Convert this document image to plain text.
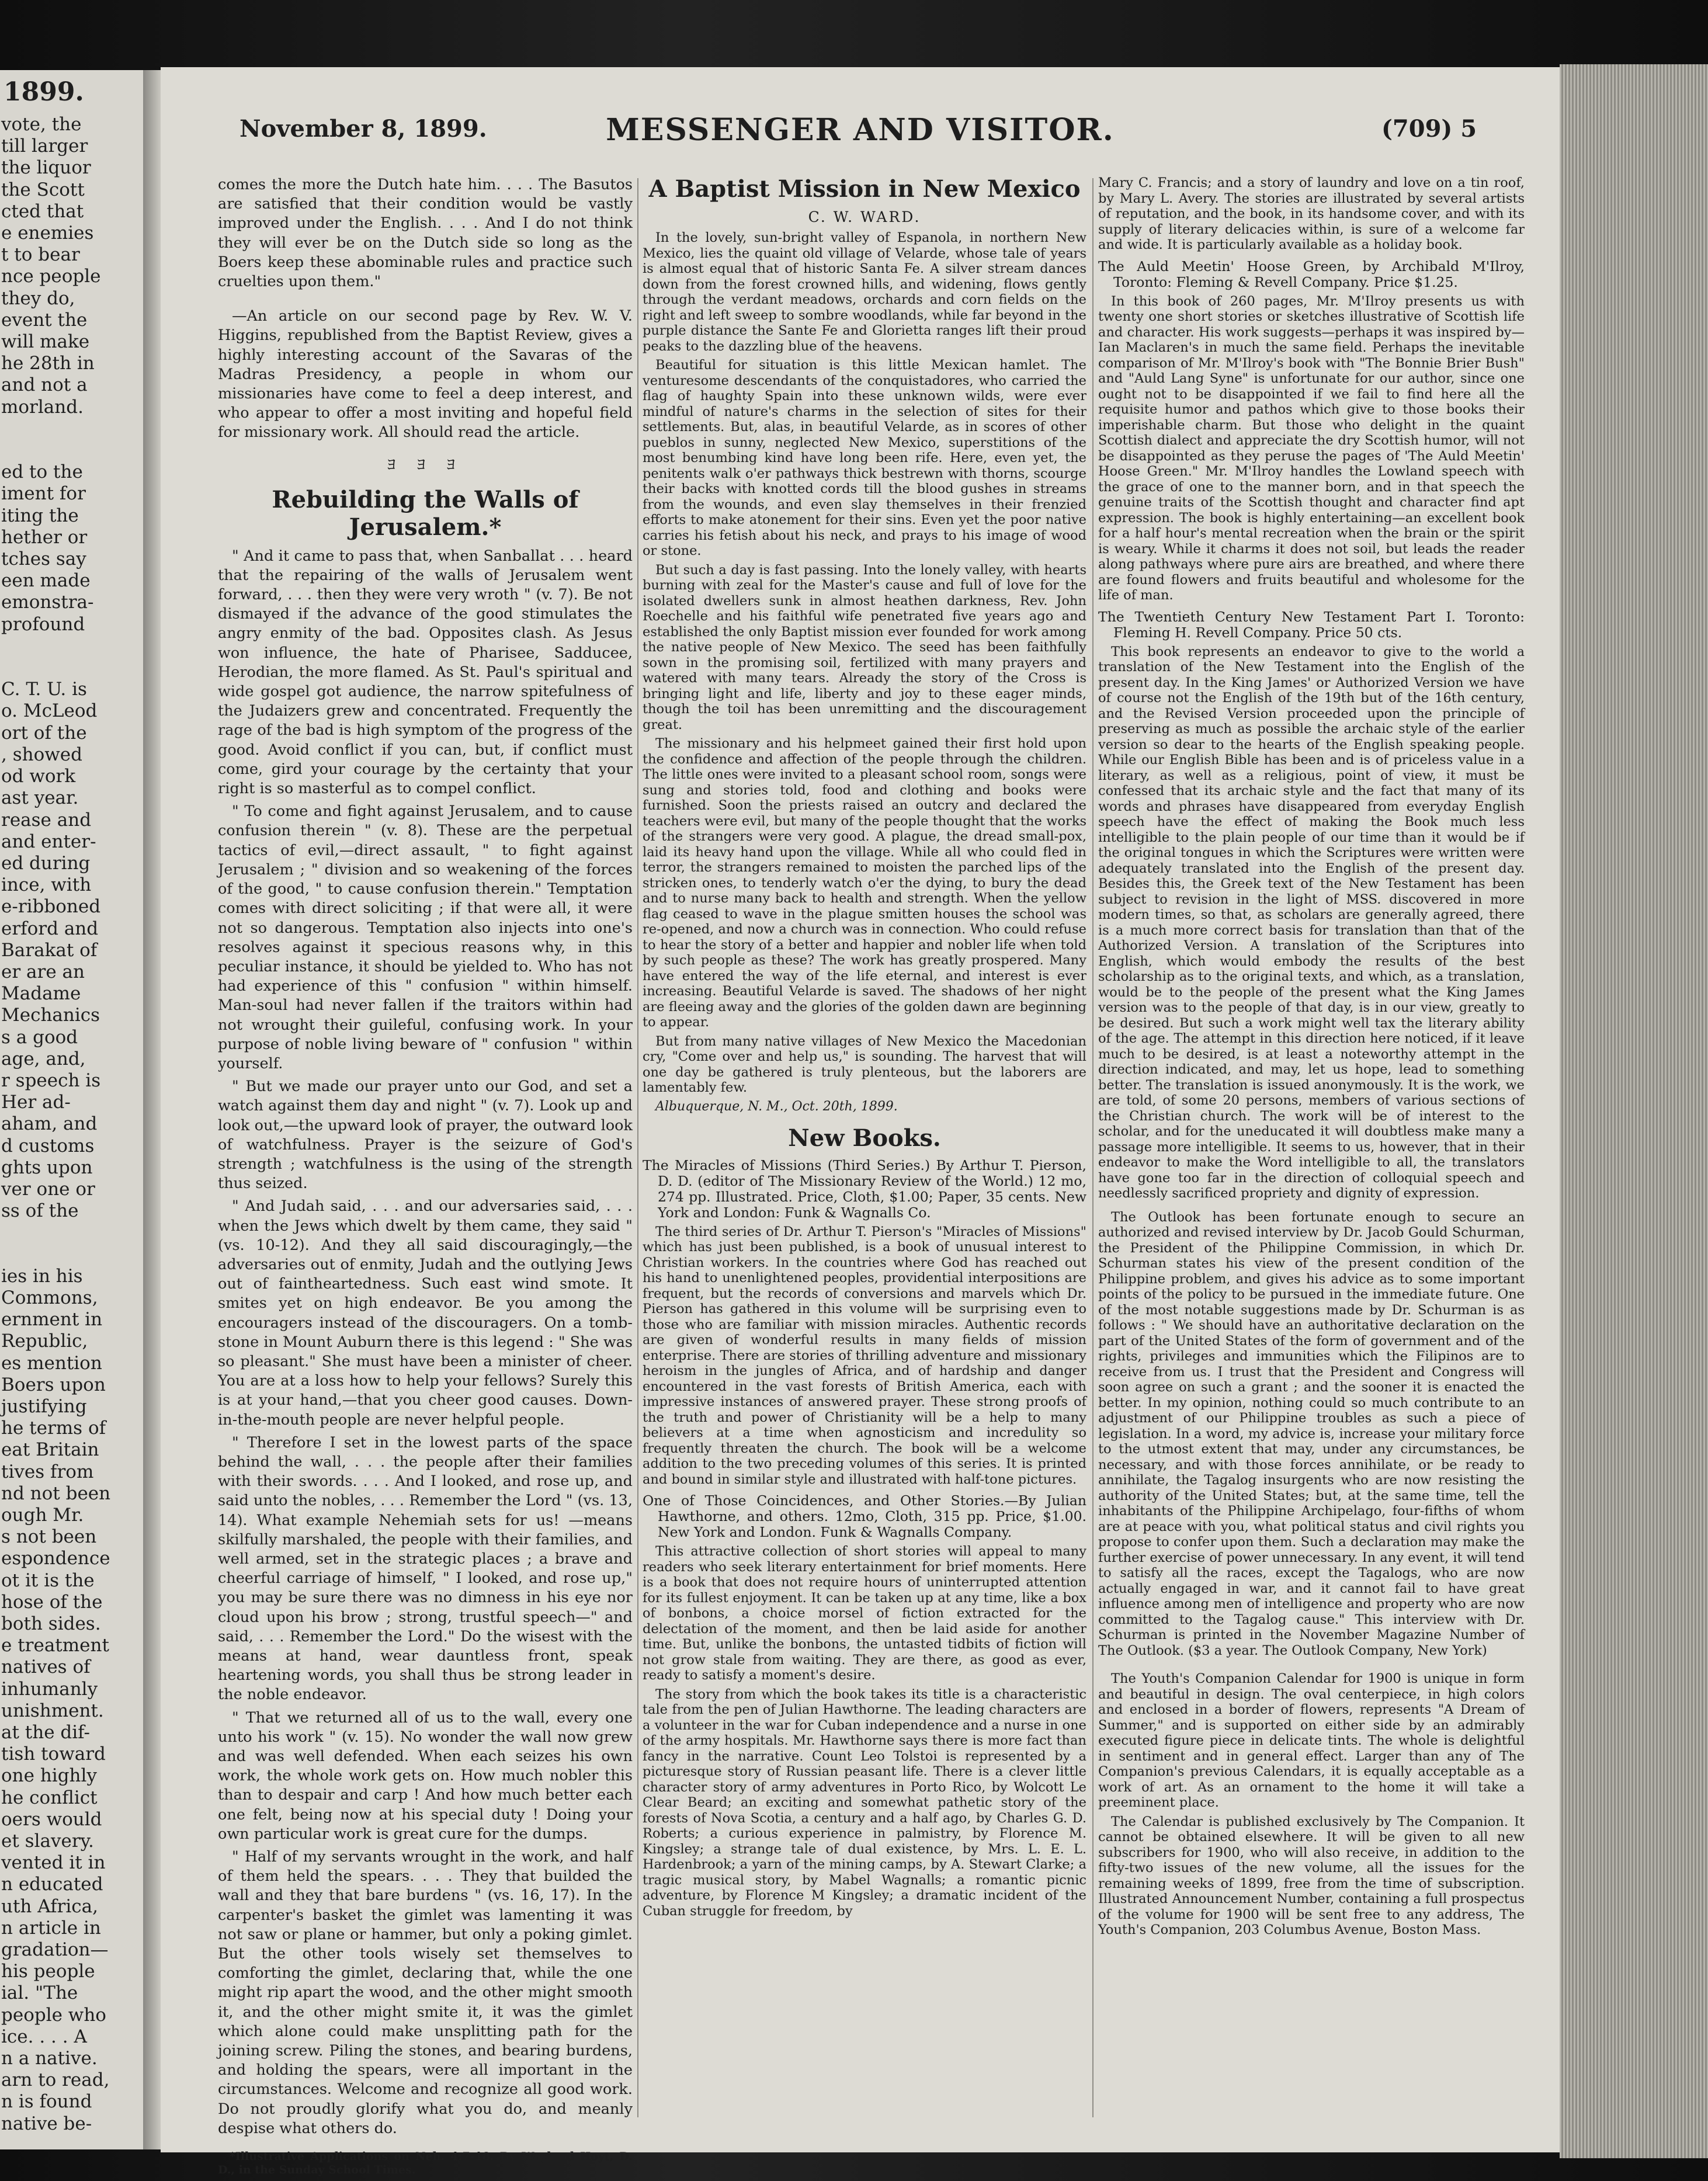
1899.
vote, the
till larger
the liquor
the Scott
cted that
e enemies
t to bear
nce people
they do,
event the
will make
he 28th in
and not a
morland.

ed to the
iment for
iting the
hether or
tches say
een made
emonstra-
profound

C. T. U. is
o. McLeod
ort of the
, showed
od work
ast year.
rease and
and enter-
ed during
ince, with
e-ribboned
erford and
Barakat of
er are an
Madame
Mechanics
s a good
age, and,
r speech is
Her ad-
aham, and
d customs
ghts upon
ver one or
ss of the

ies in his
Commons,
ernment in
Republic,
es mention
Boers upon
justifying
he terms of
eat Britain
tives from
nd not been
ough Mr.
s not been
espondence
ot it is the
hose of the
both sides.
e treatment
natives of
inhumanly
unishment.
at the dif-
tish toward
one highly
he conflict
oers would
et slavery.
vented it in
n educated
uth Africa,
n article in
gradation—
his people
ial. "The
people who
ice. . . . A
n a native.
arn to read,
n is found
native be-
November 8, 1899.	MESSENGER AND VISITOR.	(709) 5

comes the more the Dutch hate him. . . . The Basutos are satisfied that their condition would be vastly improved under the English. . . . And I do not think they will ever be on the Dutch side so long as the Boers keep these abominable rules and practice such cruelties upon them."

—An article on our second page by Rev. W. V. Higgins, republished from the Baptist Review, gives a highly interesting account of the Savaras of the Madras Presidency, a people in whom our missionaries have come to feel a deep interest, and who appear to offer a most inviting and hopeful field for missionary work. All should read the article.

ﾖ ﾖ ﾖ
Rebuilding the Walls of Jerusalem.*

" And it came to pass that, when Sanballat . . . heard that the repairing of the walls of Jerusalem went forward, . . . then they were very wroth " (v. 7). Be not dismayed if the advance of the good stimulates the angry enmity of the bad. Opposites clash. As Jesus won influence, the hate of Pharisee, Sadducee, Herodian, the more flamed. As St. Paul's spiritual and wide gospel got audience, the narrow spitefulness of the Judaizers grew and concentrated. Frequently the rage of the bad is high symptom of the progress of the good. Avoid conflict if you can, but, if conflict must come, gird your courage by the certainty that your right is so masterful as to compel conflict.

" To come and fight against Jerusalem, and to cause confusion therein " (v. 8). These are the perpetual tactics of evil,—direct assault, " to fight against Jerusalem ; " division and so weakening of the forces of the good, " to cause confusion therein." Temptation comes with direct soliciting ; if that were all, it were not so dangerous. Temptation also injects into one's resolves against it specious reasons why, in this peculiar instance, it should be yielded to. Who has not had experience of this " confusion " within himself. Man-soul had never fallen if the traitors within had not wrought their guileful, confusing work. In your purpose of noble living beware of " confusion " within yourself.

" But we made our prayer unto our God, and set a watch against them day and night " (v. 7). Look up and look out,—the upward look of prayer, the outward look of watchfulness. Prayer is the seizure of God's strength ; watchfulness is the using of the strength thus seized.

" And Judah said, . . . and our adversaries said, . . . when the Jews which dwelt by them came, they said " (vs. 10-12). And they all said discouragingly,—the adversaries out of enmity, Judah and the outlying Jews out of faintheartedness. Such east wind smote. It smites yet on high endeavor. Be you among the encouragers instead of the discouragers. On a tomb-stone in Mount Auburn there is this legend : " She was so pleasant." She must have been a minister of cheer. You are at a loss how to help your fellows? Surely this is at your hand,—that you cheer good causes. Down-in-the-mouth people are never helpful people.

" Therefore I set in the lowest parts of the space behind the wall, . . . the people after their families with their swords. . . . And I looked, and rose up, and said unto the nobles, . . . Remember the Lord " (vs. 13, 14). What example Nehemiah sets for us! —means skilfully marshaled, the people with their families, and well armed, set in the strategic places ; a brave and cheerful carriage of himself, " I looked, and rose up," you may be sure there was no dimness in his eye nor cloud upon his brow ; strong, trustful speech—" and said, . . . Remember the Lord." Do the wisest with the means at hand, wear dauntless front, speak heartening words, you shall thus be strong leader in the noble endeavor.

" That we returned all of us to the wall, every one unto his work " (v. 15). No wonder the wall now grew and was well defended. When each seizes his own work, the whole work gets on. How much nobler this than to despair and carp ! And how much better each one felt, being now at his special duty ! Doing your own particular work is great cure for the dumps.

" Half of my servants wrought in the work, and half of them held the spears. . . . They that builded the wall and they that bare burdens " (vs. 16, 17). In the carpenter's basket the gimlet was lamenting it was not saw or plane or hammer, but only a poking gimlet. But the other tools wisely set themselves to comforting the gimlet, declaring that, while the one might rip apart the wood, and the other might smooth it, and the other might smite it, it was the gimlet which alone could make unsplitting path for the joining screw. Piling the stones, and bearing burdens, and holding the spears, were all important in the circumstances. Welcome and recognize all good work. Do not proudly glorify what you do, and meanly despise what others do.

*Illustrative Applications on Neh. 4:7-18. By Wayland Hoyt, D. D., in the Sunday School Times.
A Baptist Mission in New Mexico
C. W. WARD.

In the lovely, sun-bright valley of Espanola, in northern New Mexico, lies the quaint old village of Velarde, whose tale of years is almost equal that of historic Santa Fe. A silver stream dances down from the forest crowned hills, and widening, flows gently through the verdant meadows, orchards and corn fields on the right and left sweep to sombre woodlands, while far beyond in the purple distance the Sante Fe and Glorietta ranges lift their proud peaks to the dazzling blue of the heavens.

Beautiful for situation is this little Mexican hamlet. The venturesome descendants of the conquistadores, who carried the flag of haughty Spain into these unknown wilds, were ever mindful of nature's charms in the selection of sites for their settlements. But, alas, in beautiful Velarde, as in scores of other pueblos in sunny, neglected New Mexico, superstitions of the most benumbing kind have long been rife. Here, even yet, the penitents walk o'er pathways thick bestrewn with thorns, scourge their backs with knotted cords till the blood gushes in streams from the wounds, and even slay themselves in their frenzied efforts to make atonement for their sins. Even yet the poor native carries his fetish about his neck, and prays to his image of wood or stone.

But such a day is fast passing. Into the lonely valley, with hearts burning with zeal for the Master's cause and full of love for the isolated dwellers sunk in almost heathen darkness, Rev. John Roechelle and his faithful wife penetrated five years ago and established the only Baptist mission ever founded for work among the native people of New Mexico. The seed has been faithfully sown in the promising soil, fertilized with many prayers and watered with many tears. Already the story of the Cross is bringing light and life, liberty and joy to these eager minds, though the toil has been unremitting and the discouragement great.

The missionary and his helpmeet gained their first hold upon the confidence and affection of the people through the children. The little ones were invited to a pleasant school room, songs were sung and stories told, food and clothing and books were furnished. Soon the priests raised an outcry and declared the teachers were evil, but many of the people thought that the works of the strangers were very good. A plague, the dread small-pox, laid its heavy hand upon the village. While all who could fled in terror, the strangers remained to moisten the parched lips of the stricken ones, to tenderly watch o'er the dying, to bury the dead and to nurse many back to health and strength. When the yellow flag ceased to wave in the plague smitten houses the school was re-opened, and now a church was in connection. Who could refuse to hear the story of a better and happier and nobler life when told by such people as these? The work has greatly prospered. Many have entered the way of the life eternal, and interest is ever increasing. Beautiful Velarde is saved. The shadows of her night are fleeing away and the glories of the golden dawn are beginning to appear.

But from many native villages of New Mexico the Macedonian cry, "Come over and help us," is sounding. The harvest that will one day be gathered is truly plenteous, but the laborers are lamentably few.

Albuquerque, N. M., Oct. 20th, 1899.
New Books.
The Miracles of Missions (Third Series.) By Arthur T. Pierson, D. D. (editor of The Missionary Review of the World.) 12 mo, 274 pp. Illustrated. Price, Cloth, $1.00; Paper, 35 cents. New York and London: Funk & Wagnalls Co.

The third series of Dr. Arthur T. Pierson's "Miracles of Missions" which has just been published, is a book of unusual interest to Christian workers. In the countries where God has reached out his hand to unenlightened peoples, providential interpositions are frequent, but the records of conversions and marvels which Dr. Pierson has gathered in this volume will be surprising even to those who are familiar with mission miracles. Authentic records are given of wonderful results in many fields of mission enterprise. There are stories of thrilling adventure and missionary heroism in the jungles of Africa, and of hardship and danger encountered in the vast forests of British America, each with impressive instances of answered prayer. These strong proofs of the truth and power of Christianity will be a help to many believers at a time when agnosticism and incredulity so frequently threaten the church. The book will be a welcome addition to the two preceding volumes of this series. It is printed and bound in similar style and illustrated with half-tone pictures.

One of Those Coincidences, and Other Stories.—By Julian Hawthorne, and others. 12mo, Cloth, 315 pp. Price, $1.00. New York and London. Funk & Wagnalls Company.

This attractive collection of short stories will appeal to many readers who seek literary entertainment for brief moments. Here is a book that does not require hours of uninterrupted attention for its fullest enjoyment. It can be taken up at any time, like a box of bonbons, a choice morsel of fiction extracted for the delectation of the moment, and then be laid aside for another time. But, unlike the bonbons, the untasted tidbits of fiction will not grow stale from waiting. They are there, as good as ever, ready to satisfy a moment's desire.

The story from which the book takes its title is a characteristic tale from the pen of Julian Hawthorne. The leading characters are a volunteer in the war for Cuban independence and a nurse in one of the army hospitals. Mr. Hawthorne says there is more fact than fancy in the narrative. Count Leo Tolstoi is represented by a picturesque story of Russian peasant life. There is a clever little character story of army adventures in Porto Rico, by Wolcott Le Clear Beard; an exciting and somewhat pathetic story of the forests of Nova Scotia, a century and a half ago, by Charles G. D. Roberts; a curious experience in palmistry, by Florence M. Kingsley; a strange tale of dual existence, by Mrs. L. E. L. Hardenbrook; a yarn of the mining camps, by A. Stewart Clarke; a tragic musical story, by Mabel Wagnalls; a romantic picnic adventure, by Florence M Kingsley; a dramatic incident of the Cuban struggle for freedom, by

Mary C. Francis; and a story of laundry and love on a tin roof, by Mary L. Avery. The stories are illustrated by several artists of reputation, and the book, in its handsome cover, and with its supply of literary delicacies within, is sure of a welcome far and wide. It is particularly available as a holiday book.

The Auld Meetin' Hoose Green, by Archibald M'Ilroy, Toronto: Fleming & Revell Company. Price $1.25.

In this book of 260 pages, Mr. M'Ilroy presents us with twenty one short stories or sketches illustrative of Scottish life and character. His work suggests—perhaps it was inspired by—Ian Maclaren's in much the same field. Perhaps the inevitable comparison of Mr. M'Ilroy's book with "The Bonnie Brier Bush" and "Auld Lang Syne" is unfortunate for our author, since one ought not to be disappointed if we fail to find here all the requisite humor and pathos which give to those books their imperishable charm. But those who delight in the quaint Scottish dialect and appreciate the dry Scottish humor, will not be disappointed as they peruse the pages of 'The Auld Meetin' Hoose Green." Mr. M'Ilroy handles the Lowland speech with the grace of one to the manner born, and in that speech the genuine traits of the Scottish thought and character find apt expression. The book is highly entertaining—an excellent book for a half hour's mental recreation when the brain or the spirit is weary. While it charms it does not soil, but leads the reader along pathways where pure airs are breathed, and where there are found flowers and fruits beautiful and wholesome for the life of man.

The Twentieth Century New Testament Part I. Toronto: Fleming H. Revell Company. Price 50 cts.

This book represents an endeavor to give to the world a translation of the New Testament into the English of the present day. In the King James' or Authorized Version we have of course not the English of the 19th but of the 16th century, and the Revised Version proceeded upon the principle of preserving as much as possible the archaic style of the earlier version so dear to the hearts of the English speaking people. While our English Bible has been and is of priceless value in a literary, as well as a religious, point of view, it must be confessed that its archaic style and the fact that many of its words and phrases have disappeared from everyday English speech have the effect of making the Book much less intelligible to the plain people of our time than it would be if the original tongues in which the Scriptures were written were adequately translated into the English of the present day. Besides this, the Greek text of the New Testament has been subject to revision in the light of MSS. discovered in more modern times, so that, as scholars are generally agreed, there is a much more correct basis for translation than that of the Authorized Version. A translation of the Scriptures into English, which would embody the results of the best scholarship as to the original texts, and which, as a translation, would be to the people of the present what the King James version was to the people of that day, is in our view, greatly to be desired. But such a work might well tax the literary ability of the age. The attempt in this direction here noticed, if it leave much to be desired, is at least a noteworthy attempt in the direction indicated, and may, let us hope, lead to something better. The translation is issued anonymously. It is the work, we are told, of some 20 persons, members of various sections of the Christian church. The work will be of interest to the scholar, and for the uneducated it will doubtless make many a passage more intelligible. It seems to us, however, that in their endeavor to make the Word intelligible to all, the translators have gone too far in the direction of colloquial speech and needlessly sacrificed propriety and dignity of expression.

The Outlook has been fortunate enough to secure an authorized and revised interview by Dr. Jacob Gould Schurman, the President of the Philippine Commission, in which Dr. Schurman states his view of the present condition of the Philippine problem, and gives his advice as to some important points of the policy to be pursued in the immediate future. One of the most notable suggestions made by Dr. Schurman is as follows : " We should have an authoritative declaration on the part of the United States of the form of government and of the rights, privileges and immunities which the Filipinos are to receive from us. I trust that the President and Congress will soon agree on such a grant ; and the sooner it is enacted the better. In my opinion, nothing could so much contribute to an adjustment of our Philippine troubles as such a piece of legislation. In a word, my advice is, increase your military force to the utmost extent that may, under any circumstances, be necessary, and with those forces annihilate, or be ready to annihilate, the Tagalog insurgents who are now resisting the authority of the United States; but, at the same time, tell the inhabitants of the Philippine Archipelago, four-fifths of whom are at peace with you, what political status and civil rights you propose to confer upon them. Such a declaration may make the further exercise of power unnecessary. In any event, it will tend to satisfy all the races, except the Tagalogs, who are now actually engaged in war, and it cannot fail to have great influence among men of intelligence and property who are now committed to the Tagalog cause." This interview with Dr. Schurman is printed in the November Magazine Number of The Outlook. ($3 a year. The Outlook Company, New York)

The Youth's Companion Calendar for 1900 is unique in form and beautiful in design. The oval centerpiece, in high colors and enclosed in a border of flowers, represents "A Dream of Summer," and is supported on either side by an admirably executed figure piece in delicate tints. The whole is delightful in sentiment and in general effect. Larger than any of The Companion's previous Calendars, it is equally acceptable as a work of art. As an ornament to the home it will take a preeminent place.

The Calendar is published exclusively by The Companion. It cannot be obtained elsewhere. It will be given to all new subscribers for 1900, who will also receive, in addition to the fifty-two issues of the new volume, all the issues for the remaining weeks of 1899, free from the time of subscription. Illustrated Announcement Number, containing a full prospectus of the volume for 1900 will be sent free to any address, The Youth's Companion, 203 Columbus Avenue, Boston Mass.
